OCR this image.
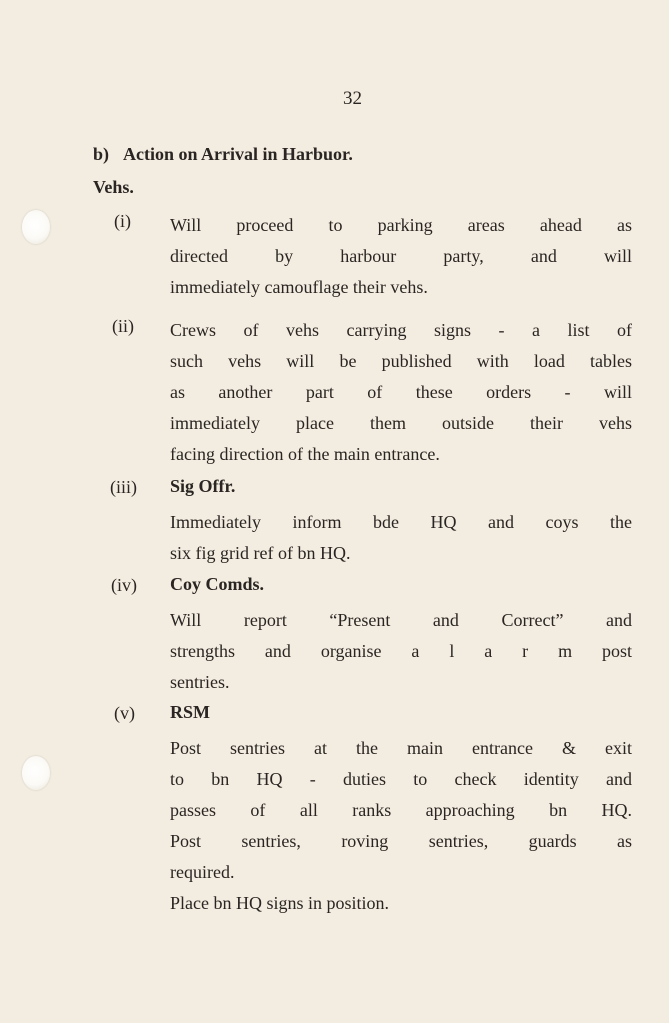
32
b) Action on Arrival in Harbuor.
Vehs.
(i) Will proceed to parking areas ahead as
directed by harbour party, and will
immediately camouflage their vehs.
(ii) Crews of vehs carrying signs - a list of
such vehs will be published with load tables
as another part of these orders - will
immediately place them outside their vehs
facing direction of the main entrance.
(iii) Sig Offr.
Immediately inform bde HQ and coys the
six fig grid ref of bn HQ.
(iv) Coy Comds.
Will report “Present and Correct” and
strengths and organise a l a r m post
sentries.
(v) RSM
Post sentries at the main entrance & exit
to bn HQ - duties to check identity and
passes of all ranks approaching bn HQ.
Post sentries, roving sentries, guards as
required.
Place bn HQ signs in position.
